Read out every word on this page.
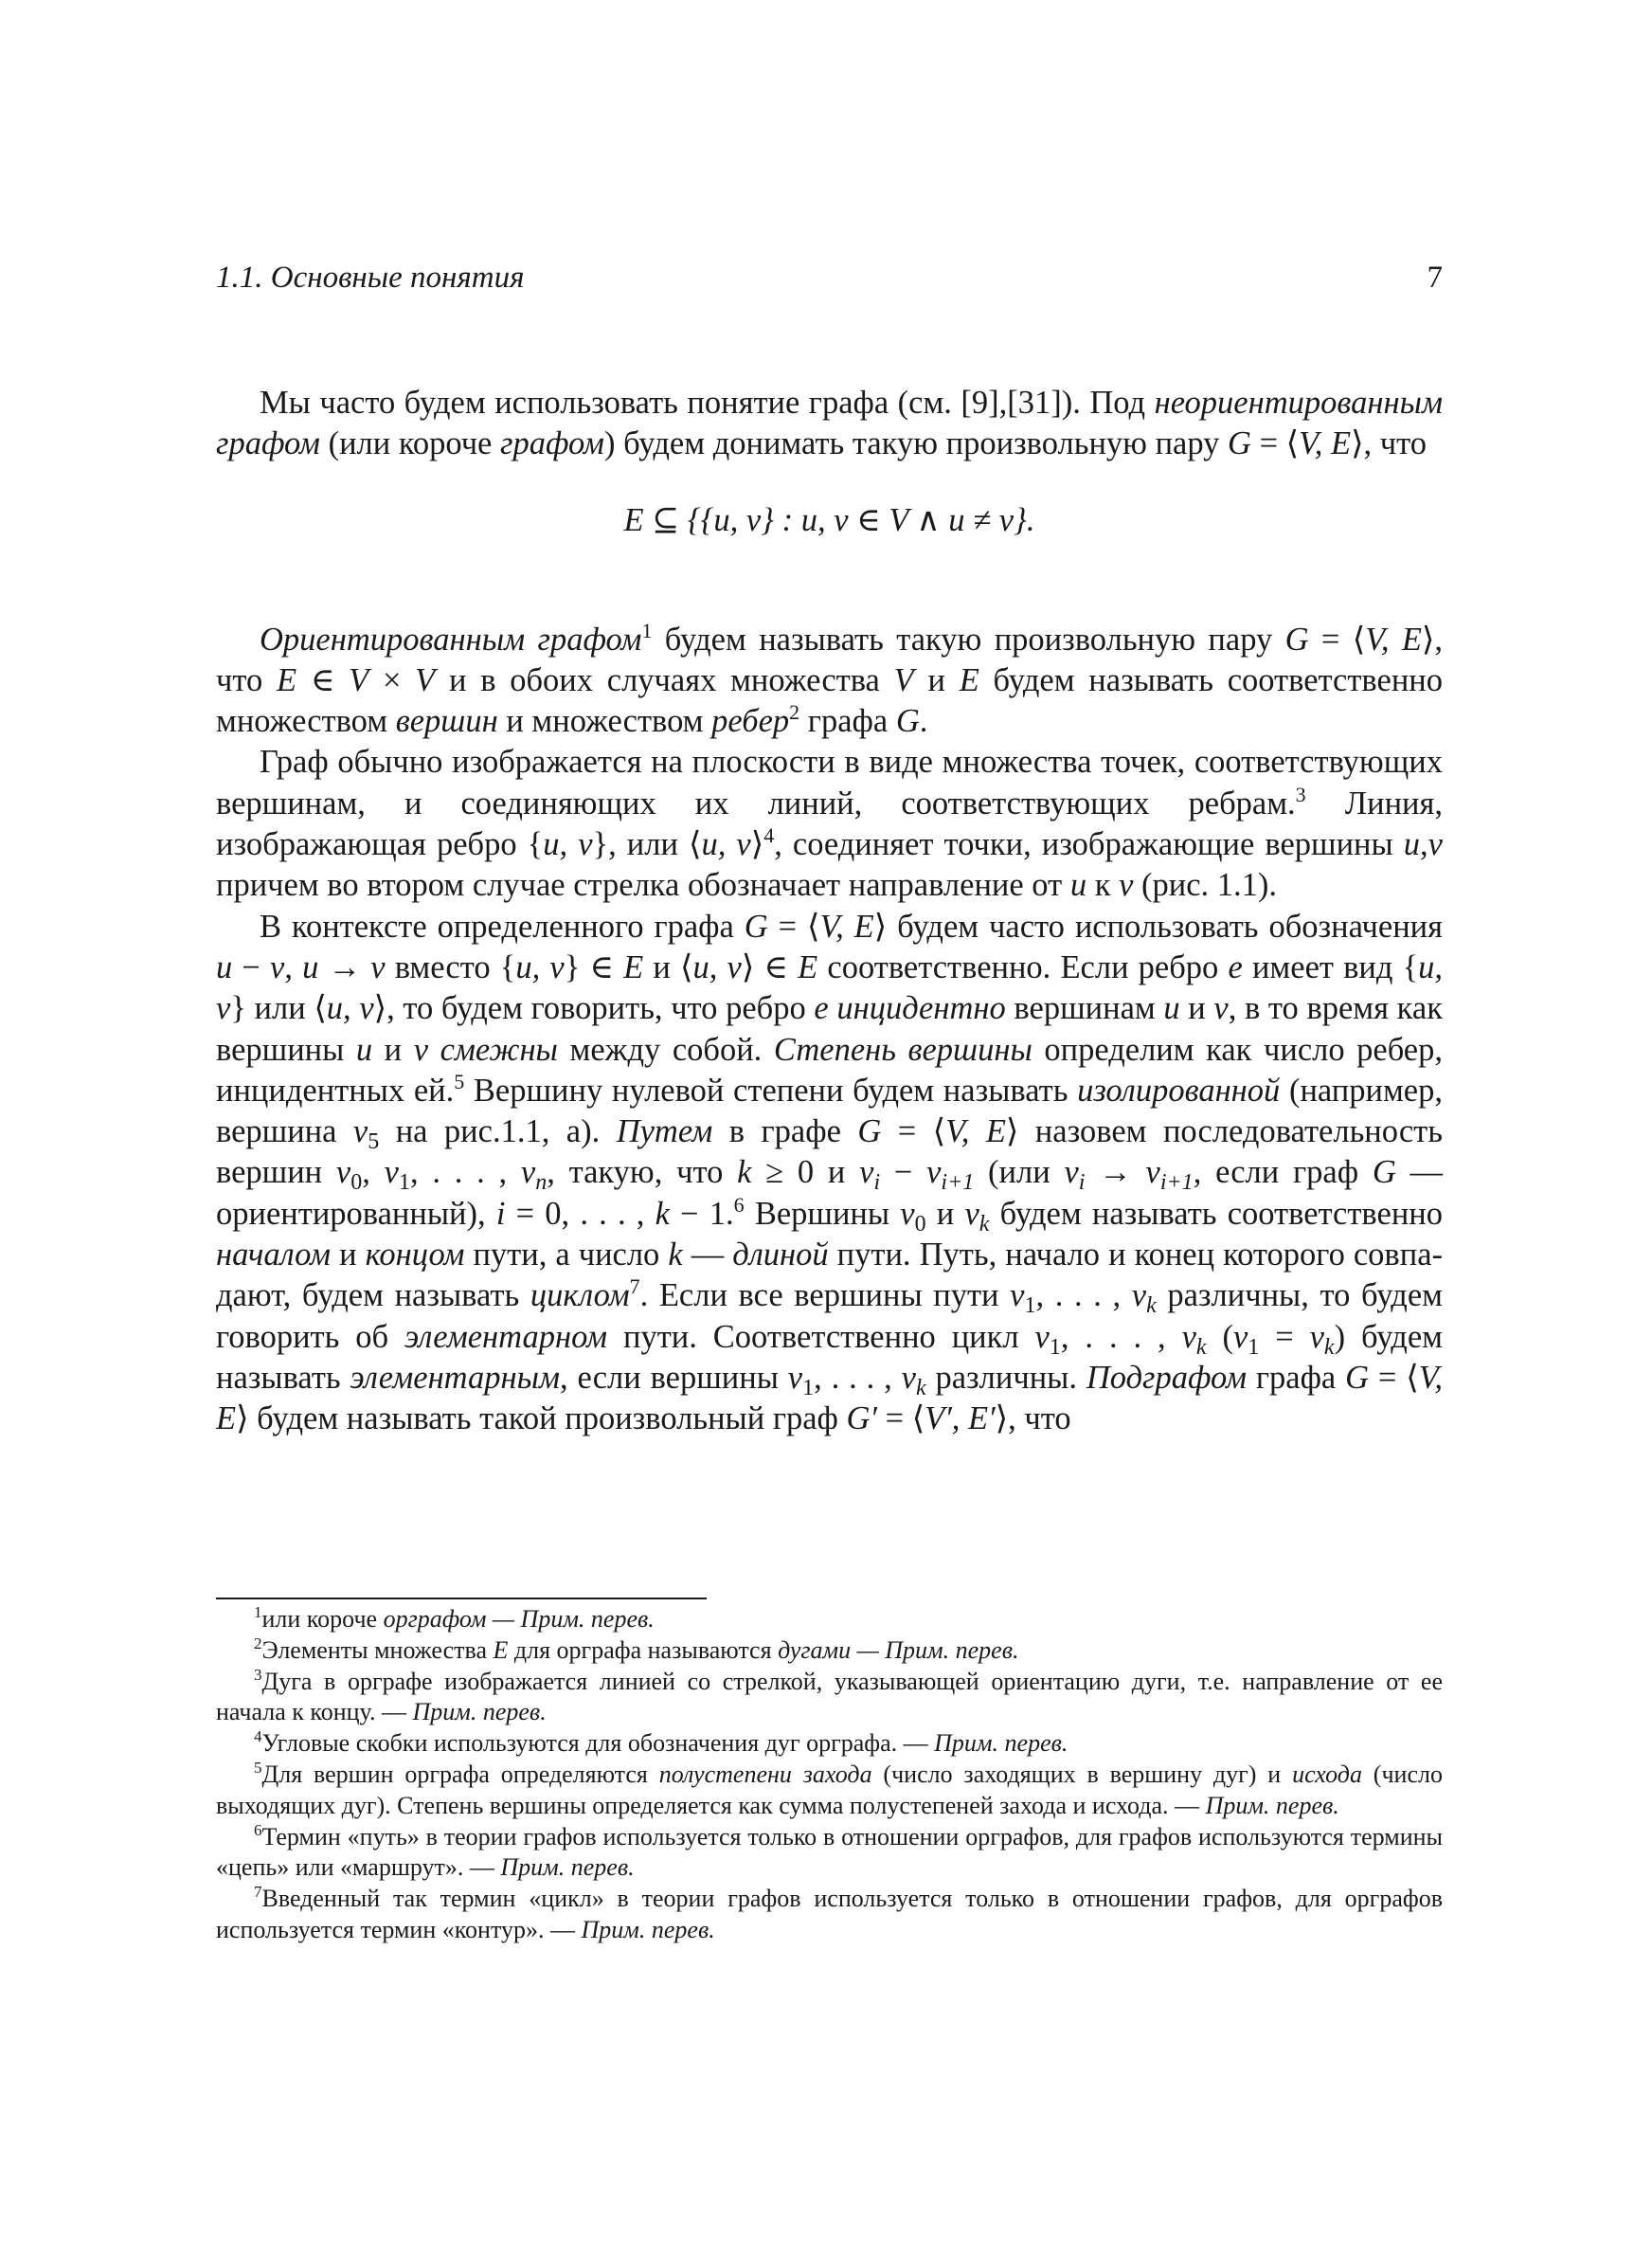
1.1. Основные понятия	7

Мы часто будем использовать понятие графа (см. [9],[31]). Под неориентированным графом (или короче графом) будем донимать такую произвольную пару G = ⟨V, E⟩, что

E ⊆ {{u, v} : u, v ∈ V ∧ u ≠ v}.

Ориентированным графом$^1$ будем называть такую произвольную пару G = ⟨V, E⟩, что E ∈ V × V и в обоих случаях множества V и E будем называть соответственно множеством вершин и множеством ребер$^2$ графа G.

Граф обычно изображается на плоскости в виде множества точек, соответствующих вершинам, и соединяющих их линий, соответствующих ребрам.$^3$ Линия, изображающая ребро {u, v}, или ⟨u, v⟩$^4$, соединяет точки, изображающие вершины u,v причем во втором случае стрелка обозначает направление от u к v (рис. 1.1).

В контексте определенного графа G = ⟨V, E⟩ будем часто использовать обозначения u − v, u → v вместо {u, v} ∈ E и ⟨u, v⟩ ∈ E соответственно. Если ребро e имеет вид {u, v} или ⟨u, v⟩, то будем говорить, что ребро e инцидентно вершинам u и v, в то время как вершины u и v смежны между собой. Степень вершины определим как число ребер, инцидентных ей.$^5$ Вершину нулевой степени будем называть изолированной (например, вершина $v_5$ на рис.1.1, а). Путем в графе G = ⟨V, E⟩ назовем последовательность вершин $v_0$, $v_1$, . . . , $v_n$, такую, что k ≥ 0 и $v_i - v_{i+1}$ (или $v_i \to v_{i+1}$, если граф G — ориентированный), i = 0, . . . , k − 1.$^6$ Вершины $v_0$ и $v_k$ будем называть соответственно началом и концом пути, а число k — длиной пути. Путь, начало и конец которого совпадают, будем называть циклом$^7$. Если все вершины пути $v_1$, . . . , $v_k$ различны, то будем говорить об элементарном пути. Соответственно цикл $v_1$, . . . , $v_k$ $(v_1 = v_k)$ будем называть элементарным, если вершины $v_1$, . . . , $v_k$ различны. Подграфом графа G = ⟨V, E⟩ будем называть такой произвольный граф G′ = ⟨V′, E′⟩, что

$^1$или короче орграфом — Прим. перев.

$^2$Элементы множества E для орграфа называются дугами — Прим. перев.

$^3$Дуга в орграфе изображается линией со стрелкой, указывающей ориентацию дуги, т.е. направление от ее начала к концу. — Прим. перев.

$^4$Угловые скобки используются для обозначения дуг орграфа. — Прим. перев.

$^5$Для вершин орграфа определяются полустепени захода (число заходящих в вершину дуг) и исхода (число выходящих дуг). Степень вершины определяется как сумма полустепеней захода и исхода. — Прим. перев.

$^6$Термин «путь» в теории графов используется только в отношении орграфов, для графов используются термины «цепь» или «маршрут». — Прим. перев.

$^7$Введенный так термин «цикл» в теории графов используется только в отношении графов, для орграфов используется термин «контур». — Прим. перев.
